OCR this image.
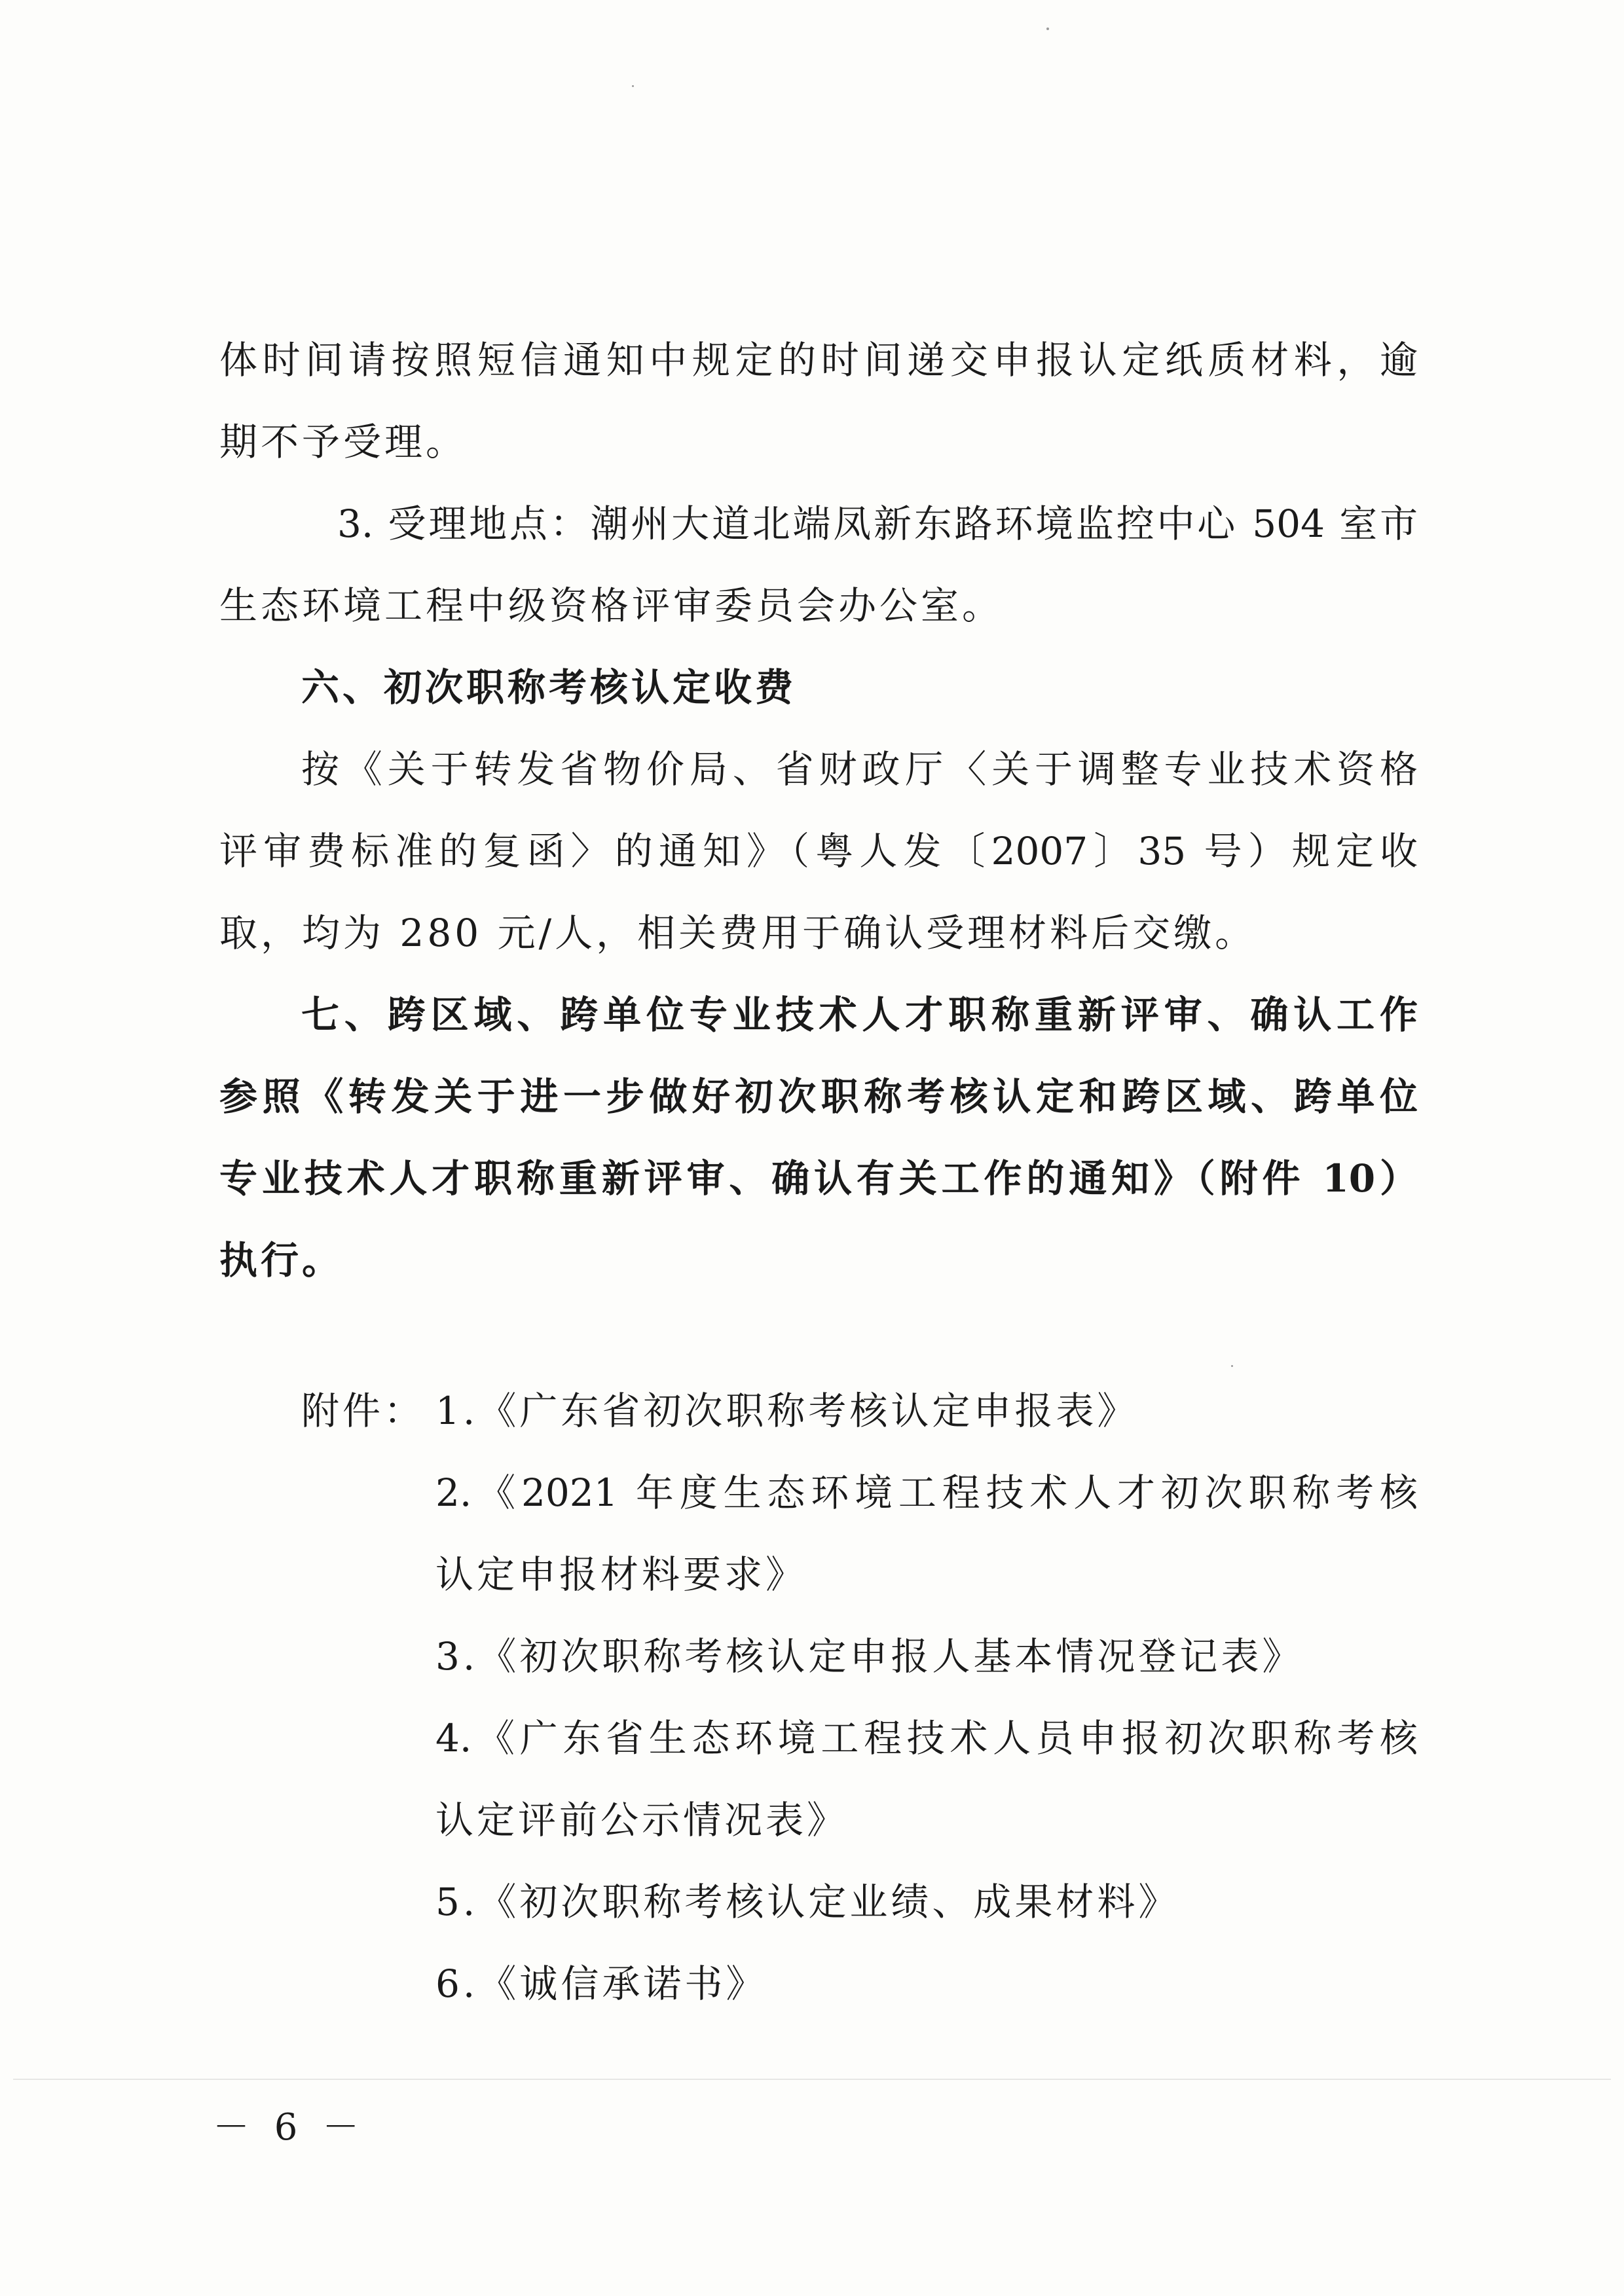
体时间请按照短信通知中规定的时间递交申报认定纸质材料，逾
期不予受理。
3. 受理地点：潮州大道北端凤新东路环境监控中心 504 室市
生态环境工程中级资格评审委员会办公室。
六、初次职称考核认定收费
按《关于转发省物价局、省财政厅〈关于调整专业技术资格
评审费标准的复函〉的通知》（粤人发〔2007〕35 号）规定收
取，均为 280 元/人，相关费用于确认受理材料后交缴。
七、跨区域、跨单位专业技术人才职称重新评审、确认工作
参照《转发关于进一步做好初次职称考核认定和跨区域、跨单位
专业技术人才职称重新评审、确认有关工作的通知》（附件 10）
执行。
附件： 1.《广东省初次职称考核认定申报表》
2.《2021 年度生态环境工程技术人才初次职称考核
认定申报材料要求》
3.《初次职称考核认定申报人基本情况登记表》
4.《广东省生态环境工程技术人员申报初次职称考核
认定评前公示情况表》
5.《初次职称考核认定业绩、成果材料》
6.《诚信承诺书》
－ 6 －
